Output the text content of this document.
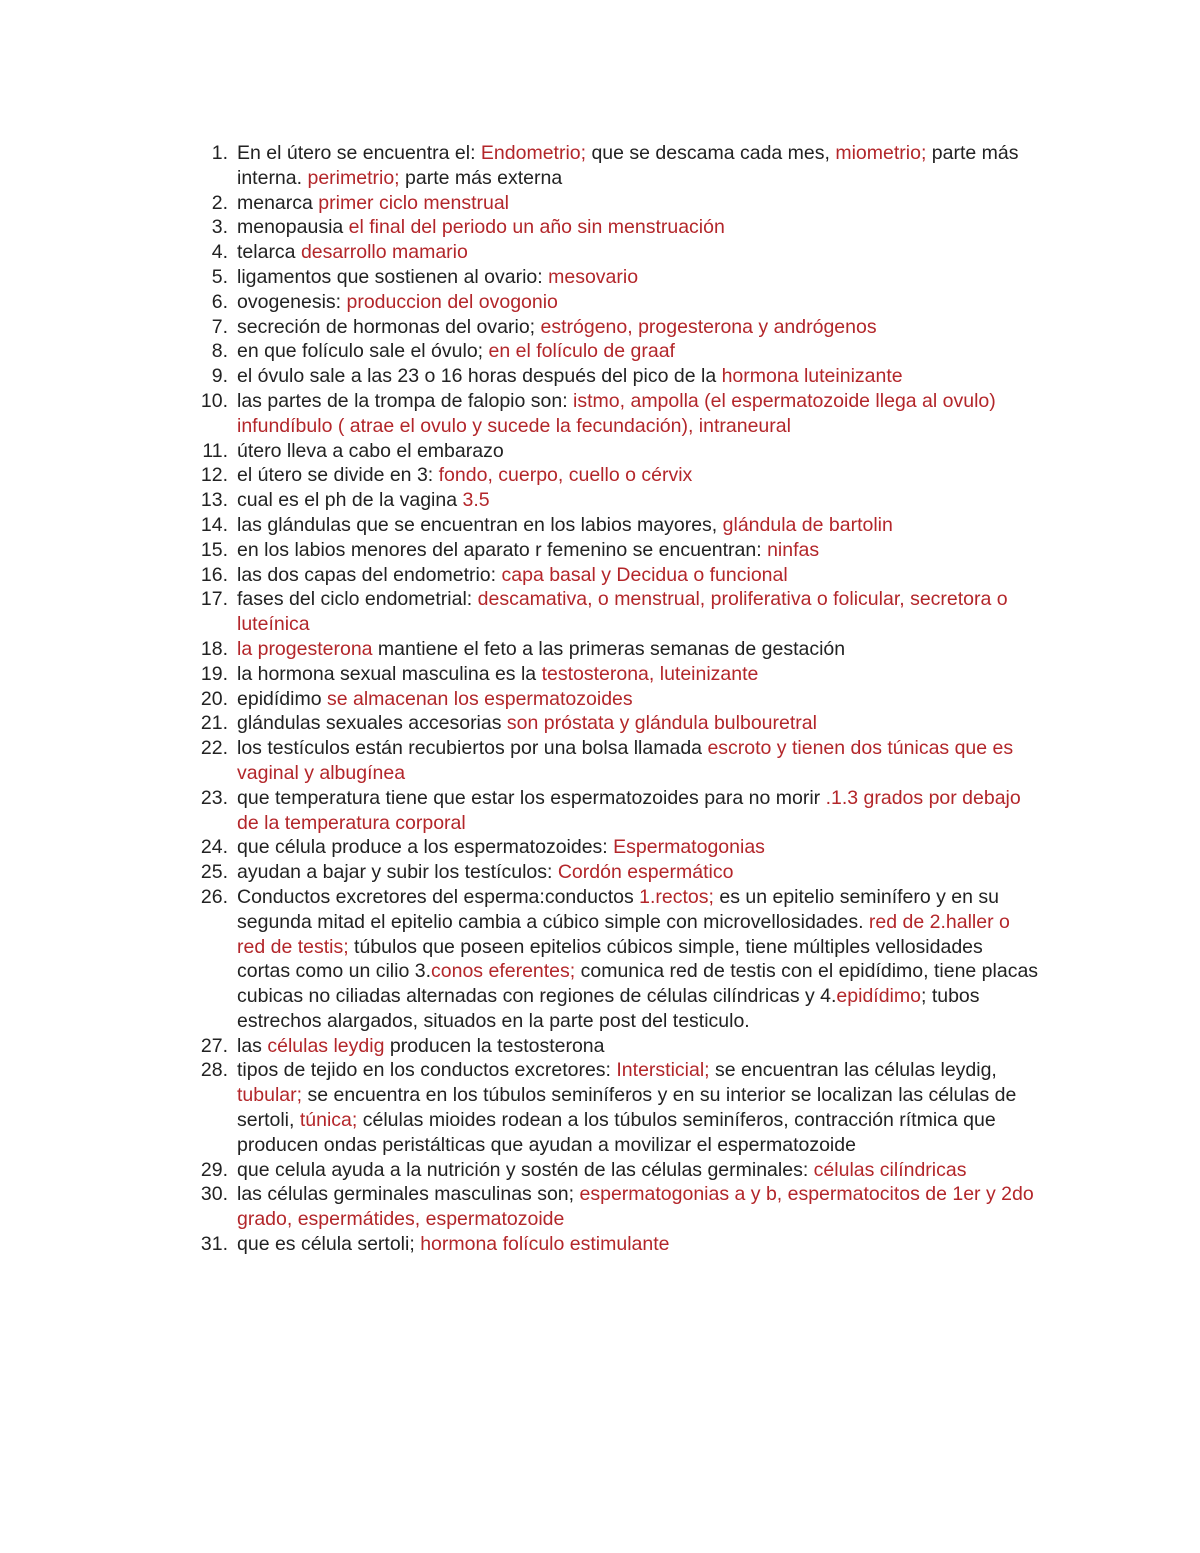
1. En el útero se encuentra el: Endometrio; que se descama cada mes, miometrio; parte más interna. perimetrio; parte más externa
2. menarca primer ciclo menstrual
3. menopausia el final del periodo un año sin menstruación
4. telarca desarrollo mamario
5. ligamentos que sostienen al ovario: mesovario
6. ovogenesis: produccion del ovogonio
7. secreción de hormonas del ovario; estrógeno, progesterona y andrógenos
8. en que folículo sale el óvulo; en el folículo de graaf
9. el óvulo sale a las 23 o 16 horas después del pico de la hormona luteinizante
10. las partes de la trompa de falopio son: istmo, ampolla (el espermatozoide llega al ovulo) infundíbulo ( atrae el ovulo y sucede la fecundación), intraneural
11. útero lleva a cabo el embarazo
12. el útero se divide en 3: fondo, cuerpo, cuello o cérvix
13. cual es el ph de la vagina 3.5
14. las glándulas que se encuentran en los labios mayores, glándula de bartolin
15. en los labios menores del aparato r femenino se encuentran: ninfas
16. las dos capas del endometrio: capa basal y Decidua o funcional
17. fases del ciclo endometrial: descamativa, o menstrual, proliferativa o folicular, secretora o luteínica
18. la progesterona mantiene el feto a las primeras semanas de gestación
19. la hormona sexual masculina es la testosterona, luteinizante
20. epidídimo se almacenan los espermatozoides
21. glándulas sexuales accesorias son próstata y glándula bulbouretral
22. los testículos están recubiertos por una bolsa llamada escroto y tienen dos túnicas que es vaginal y albugínea
23. que temperatura tiene que estar los espermatozoides para no morir .1.3 grados por debajo de la temperatura corporal
24. que célula produce a los espermatozoides: Espermatogonias
25. ayudan a bajar y subir los testículos: Cordón espermático
26. Conductos excretores del esperma:conductos 1.rectos; es un epitelio seminífero y en su segunda mitad el epitelio cambia a cúbico simple con microvellosidades. red de 2.haller o red de testis; túbulos que poseen epitelios cúbicos simple, tiene múltiples vellosidades cortas como un cilio 3.conos eferentes; comunica red de testis con el epidídimo, tiene placas cubicas no ciliadas alternadas con regiones de células cilíndricas y 4.epidídimo; tubos estrechos alargados, situados en la parte post del testiculo.
27. las células leydig producen la testosterona
28. tipos de tejido en los conductos excretores: Intersticial; se encuentran las células leydig, tubular; se encuentra en los túbulos seminíferos y en su interior se localizan las células de sertoli, túnica; células mioides rodean a los túbulos seminíferos, contracción rítmica que producen ondas peristálticas que ayudan a movilizar el espermatozoide
29. que celula ayuda a la nutrición y sostén de las células germinales: células cilíndricas
30. las células germinales masculinas son; espermatogonias a y b, espermatocitos de 1er y 2do grado, espermátides, espermatozoide
31. que es célula sertoli; hormona folículo estimulante
